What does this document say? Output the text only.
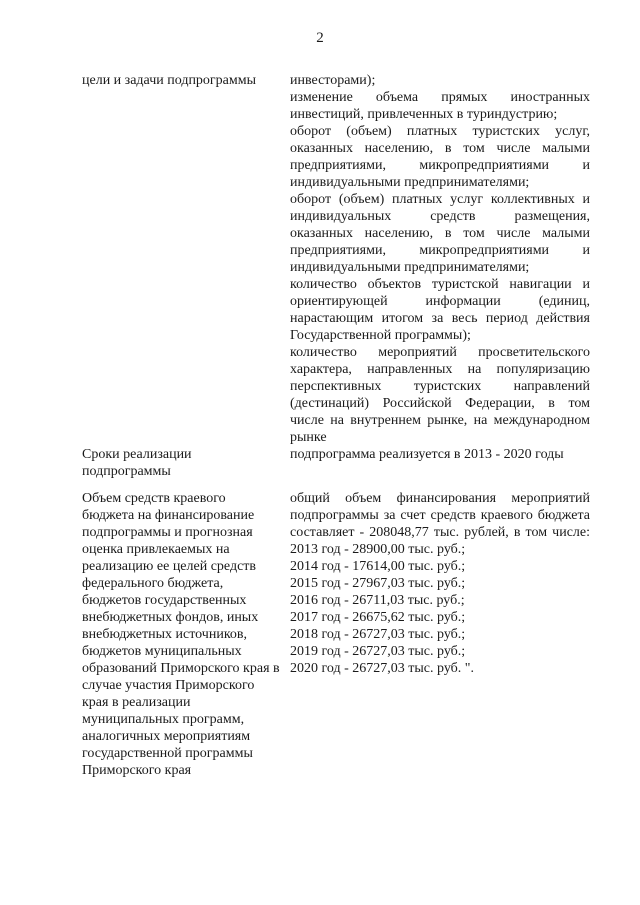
2
цели и задачи подпрограммы	инвесторами);
изменение объема прямых иностранных
инвестиций, привлеченных в туриндустрию;
оборот (объем) платных туристских услуг,
оказанных населению, в том числе малыми
предприятиями, микропредприятиями и
индивидуальными предпринимателями;
оборот (объем) платных услуг коллективных и
индивидуальных средств размещения,
оказанных населению, в том числе малыми
предприятиями, микропредприятиями и
индивидуальными предпринимателями;
количество объектов туристской навигации и
ориентирующей информации (единиц,
нарастающим итогом за весь период действия
Государственной программы);
количество мероприятий просветительского
характера, направленных на популяризацию
перспективных туристских направлений
(дестинаций) Российской Федерации, в том
числе на внутреннем рынке, на международном
рынке
Сроки реализации
подпрограммы
подпрограмма реализуется в 2013 - 2020 годы
Объем средств краевого
бюджета на финансирование
подпрограммы и прогнозная
оценка привлекаемых на
реализацию ее целей средств
федерального бюджета,
бюджетов государственных
внебюджетных фондов, иных
внебюджетных источников,
бюджетов муниципальных
образований Приморского края в
случае участия Приморского
края в реализации
муниципальных программ,
аналогичных мероприятиям
государственной программы
Приморского края
общий объем финансирования мероприятий
подпрограммы за счет средств краевого бюджета
составляет - 208048,77 тыс. рублей, в том числе:
2013 год - 28900,00 тыс. руб.;
2014 год - 17614,00 тыс. руб.;
2015 год - 27967,03 тыс. руб.;
2016 год - 26711,03 тыс. руб.;
2017 год - 26675,62 тыс. руб.;
2018 год - 26727,03 тыс. руб.;
2019 год - 26727,03 тыс. руб.;
2020 год - 26727,03 тыс. руб. ".
